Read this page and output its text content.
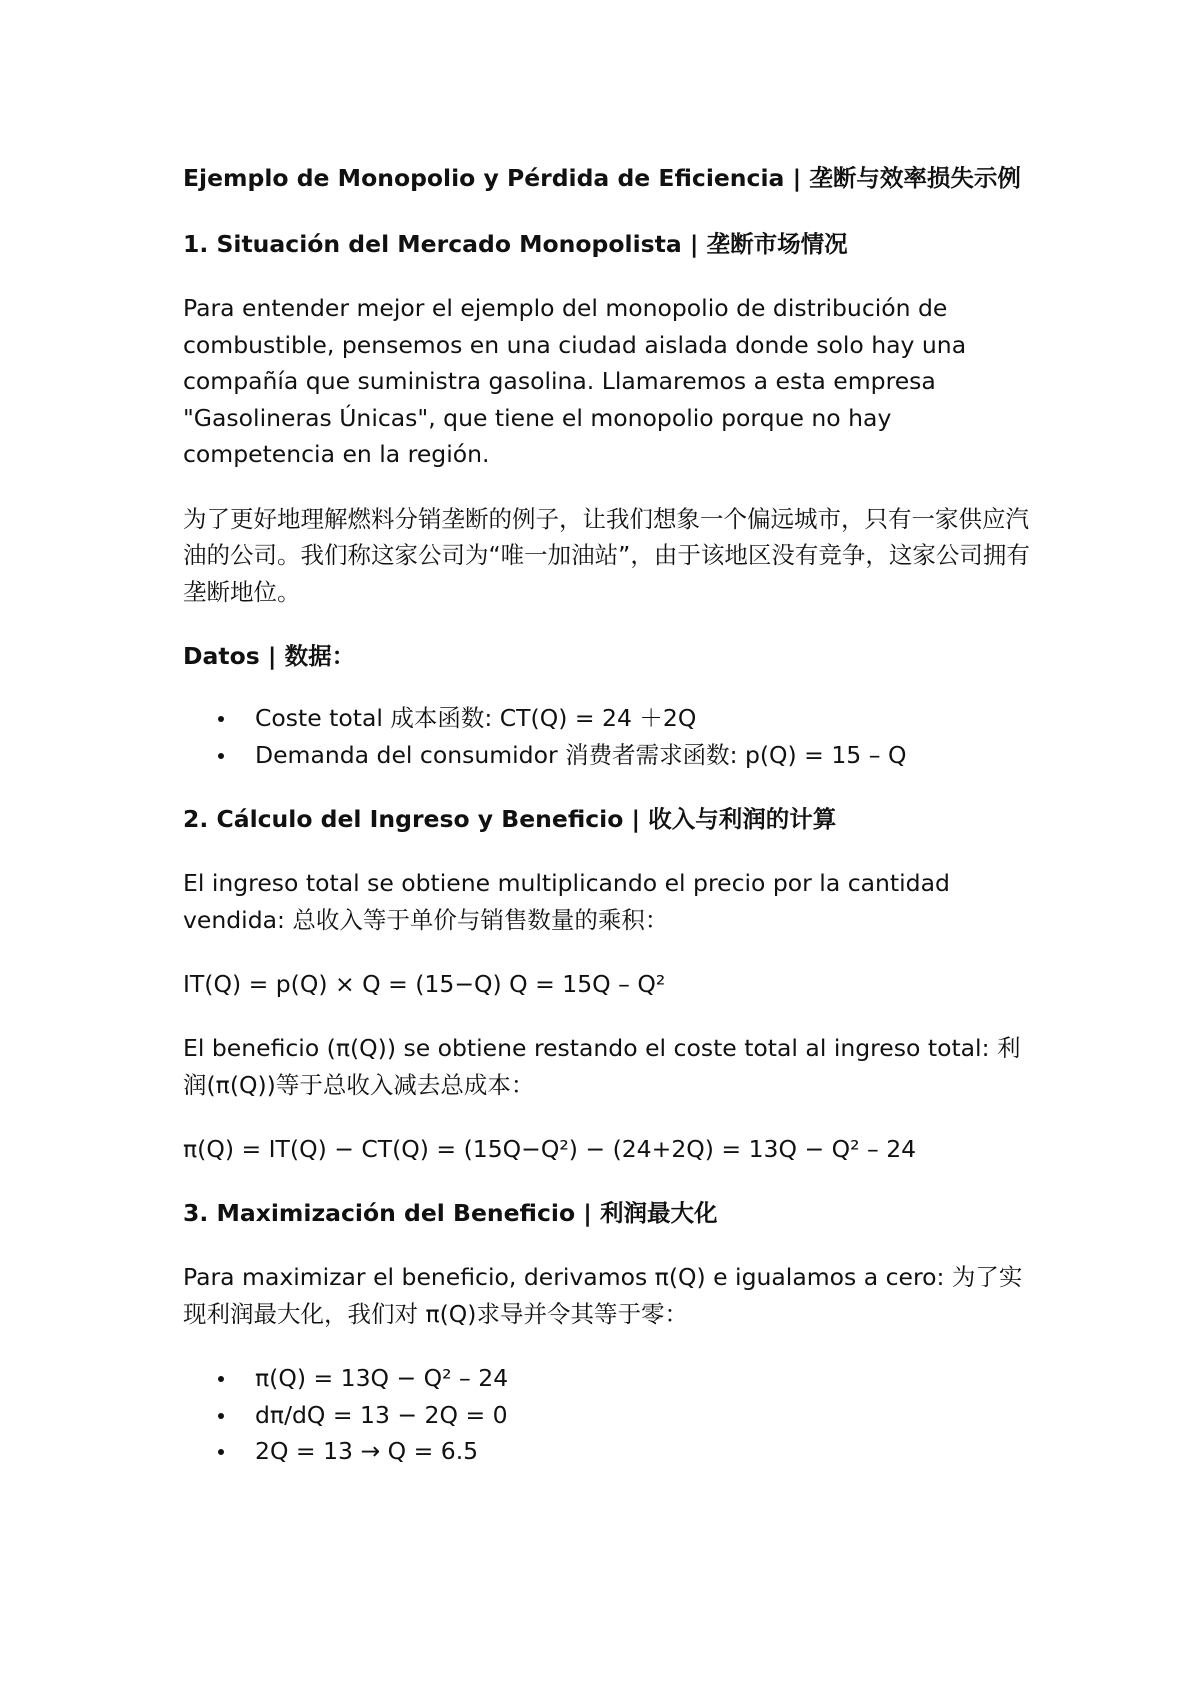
Ejemplo de Monopolio y Pérdida de Eficiencia | 垄断与效率损失示例
1. Situación del Mercado Monopolista | 垄断市场情况

Para entender mejor el ejemplo del monopolio de distribución de combustible, pensemos en una ciudad aislada donde solo hay una compañía que suministra gasolina. Llamaremos a esta empresa "Gasolineras Únicas", que tiene el monopolio porque no hay competencia en la región.

为了更好地理解燃料分销垄断的例子，让我们想象一个偏远城市，只有一家供应汽油的公司。我们称这家公司为“唯一加油站”，由于该地区没有竞争，这家公司拥有垄断地位。

Datos | 数据：
Coste total 成本函数: CT(Q) = 24 ＋2Q
Demanda del consumidor 消费者需求函数: p(Q) = 15 – Q
2. Cálculo del Ingreso y Beneficio | 收入与利润的计算

El ingreso total se obtiene multiplicando el precio por la cantidad vendida: 总收入等于单价与销售数量的乘积：

IT(Q) = p(Q) × Q = (15−Q) Q = 15Q – Q²

El beneficio (π(Q)) se obtiene restando el coste total al ingreso total: 利润(π(Q))等于总收入减去总成本：

π(Q) = IT(Q) − CT(Q) = (15Q−Q²) − (24+2Q) = 13Q − Q² – 24
3. Maximización del Beneficio | 利润最大化

Para maximizar el beneficio, derivamos π(Q) e igualamos a cero: 为了实现利润最大化，我们对 π(Q)求导并令其等于零：

π(Q) = 13Q − Q² – 24
dπ/dQ = 13 − 2Q = 0
2Q = 13 → Q = 6.5
